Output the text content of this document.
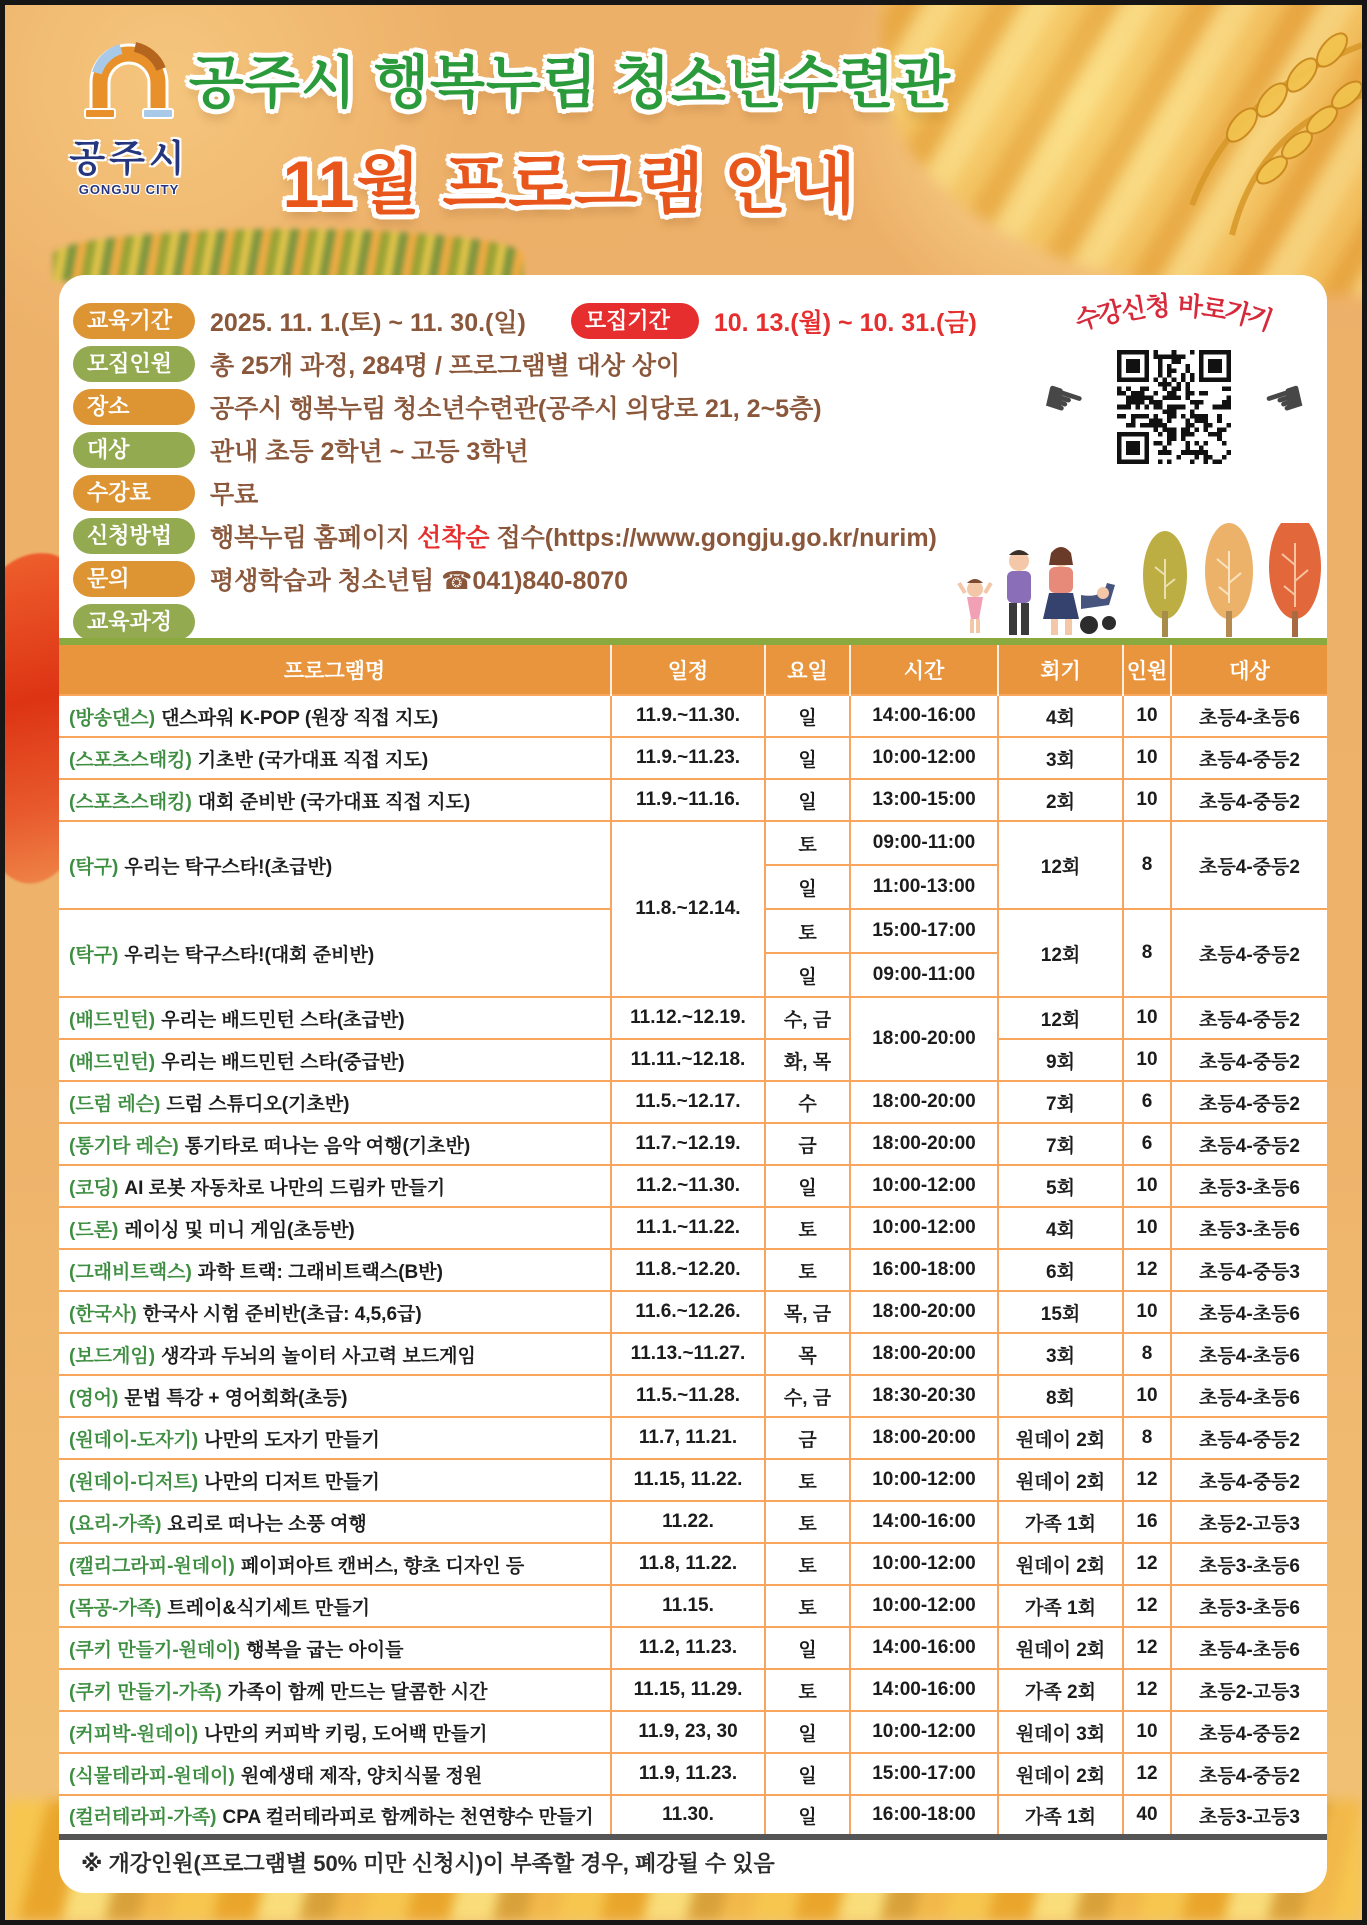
공주시
GONGJU CITY
공주시 행복누림 청소년수련관
11월 프로그램 안내
교육기간	2025. 11. 1.(토) ~ 11. 30.(일)	모집기간	10. 13.(월) ~ 10. 31.(금)
모집인원	총 25개 과정, 284명 / 프로그램별 대상 상이
장소	공주시 행복누림 청소년수련관(공주시 의당로 21, 2~5층)
대상	관내 초등 2학년 ~ 고등 3학년
수강료	무료
신청방법	행복누림 홈페이지 선착순 접수(https://www.gongju.go.kr/nurim)
문의	평생학습과 청소년팀 ☎041)840-8070
교육과정
수강신청 바로가기
☛	☚
프로그램명	일정	요일	시간	회기	인원	대상
(방송댄스) 댄스파워 K-POP (원장 직접 지도)	11.9.~11.30.	일	14:00-16:00	4회	10	초등4-초등6
(스포츠스태킹) 기초반 (국가대표 직접 지도)	11.9.~11.23.	일	10:00-12:00	3회	10	초등4-중등2
(스포츠스태킹) 대회 준비반 (국가대표 직접 지도)	11.9.~11.16.	일	13:00-15:00	2회	10	초등4-중등2
(탁구) 우리는 탁구스타!(초급반)	11.8.~12.14.	토	09:00-11:00	12회	8	초등4-중등2
		일	11:00-13:00			
(탁구) 우리는 탁구스타!(대회 준비반)		토	15:00-17:00	12회	8	초등4-중등2
		일	09:00-11:00			
(배드민턴) 우리는 배드민턴 스타(초급반)	11.12.~12.19.	수, 금	18:00-20:00	12회	10	초등4-중등2
(배드민턴) 우리는 배드민턴 스타(중급반)	11.11.~12.18.	화, 목		9회	10	초등4-중등2
(드럼 레슨) 드럼 스튜디오(기초반)	11.5.~12.17.	수	18:00-20:00	7회	6	초등4-중등2
(통기타 레슨) 통기타로 떠나는 음악 여행(기초반)	11.7.~12.19.	금	18:00-20:00	7회	6	초등4-중등2
(코딩) AI 로봇 자동차로 나만의 드림카 만들기	11.2.~11.30.	일	10:00-12:00	5회	10	초등3-초등6
(드론) 레이싱 및 미니 게임(초등반)	11.1.~11.22.	토	10:00-12:00	4회	10	초등3-초등6
(그래비트랙스) 과학 트랙: 그래비트랙스(B반)	11.8.~12.20.	토	16:00-18:00	6회	12	초등4-중등3
(한국사) 한국사 시험 준비반(초급: 4,5,6급)	11.6.~12.26.	목, 금	18:00-20:00	15회	10	초등4-초등6
(보드게임) 생각과 두뇌의 놀이터 사고력 보드게임	11.13.~11.27.	목	18:00-20:00	3회	8	초등4-초등6
(영어) 문법 특강 + 영어회화(초등)	11.5.~11.28.	수, 금	18:30-20:30	8회	10	초등4-초등6
(원데이-도자기) 나만의 도자기 만들기	11.7, 11.21.	금	18:00-20:00	원데이 2회	8	초등4-중등2
(원데이-디저트) 나만의 디저트 만들기	11.15, 11.22.	토	10:00-12:00	원데이 2회	12	초등4-중등2
(요리-가족) 요리로 떠나는 소풍 여행	11.22.	토	14:00-16:00	가족 1회	16	초등2-고등3
(캘리그라피-원데이) 페이퍼아트 캔버스, 향초 디자인 등	11.8, 11.22.	토	10:00-12:00	원데이 2회	12	초등3-초등6
(목공-가족) 트레이&식기세트 만들기	11.15.	토	10:00-12:00	가족 1회	12	초등3-초등6
(쿠키 만들기-원데이) 행복을 굽는 아이들	11.2, 11.23.	일	14:00-16:00	원데이 2회	12	초등4-초등6
(쿠키 만들기-가족) 가족이 함께 만드는 달콤한 시간	11.15, 11.29.	토	14:00-16:00	가족 2회	12	초등2-고등3
(커피박-원데이) 나만의 커피박 키링, 도어백 만들기	11.9, 23, 30	일	10:00-12:00	원데이 3회	10	초등4-중등2
(식물테라피-원데이) 원예생태 제작, 양치식물 정원	11.9, 11.23.	일	15:00-17:00	원데이 2회	12	초등4-중등2
(컬러테라피-가족) CPA 컬러테라피로 함께하는 천연향수 만들기	11.30.	일	16:00-18:00	가족 1회	40	초등3-고등3
※ 개강인원(프로그램별 50% 미만 신청시)이 부족할 경우, 폐강될 수 있음
